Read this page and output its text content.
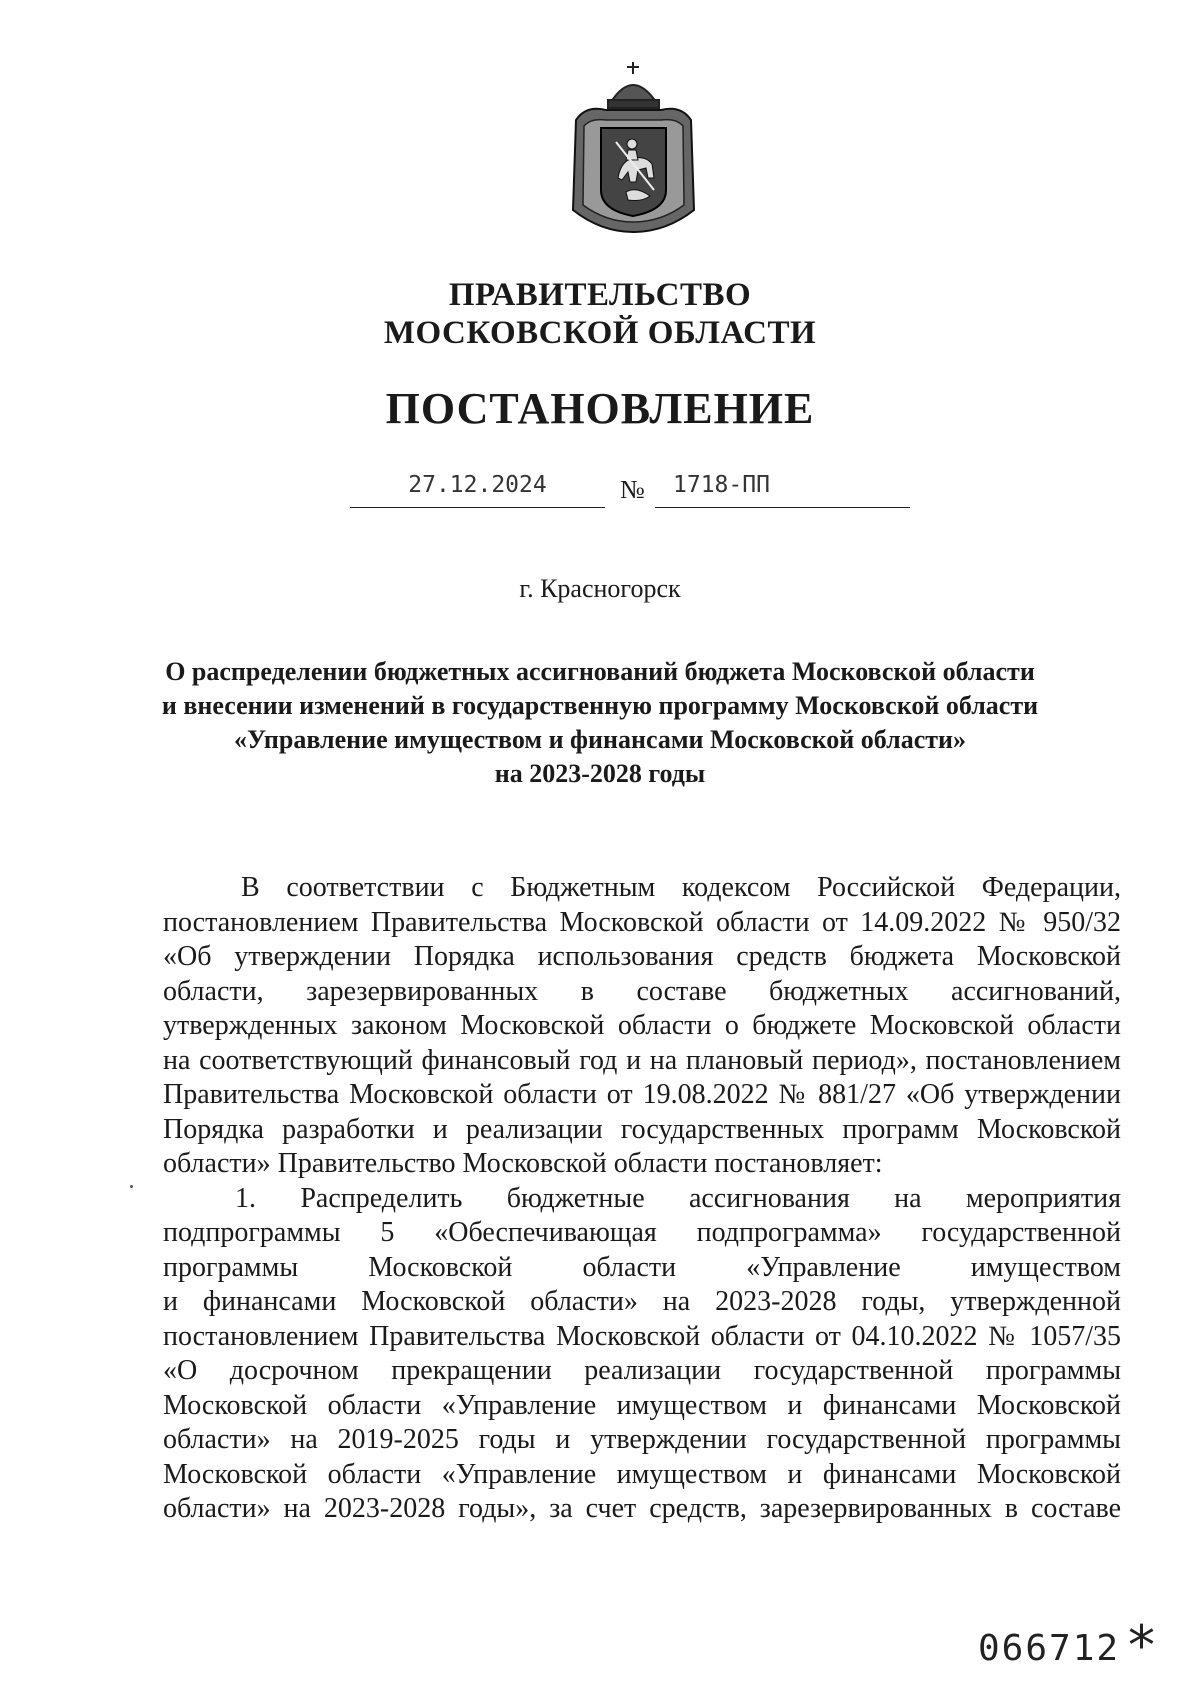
ПРАВИТЕЛЬСТВО
МОСКОВСКОЙ ОБЛАСТИ
ПОСТАНОВЛЕНИЕ
27.12.2024	№	1718-ПП
г. Красногорск
О распределении бюджетных ассигнований бюджета Московской области
и внесении изменений в государственную программу Московской области
«Управление имуществом и финансами Московской области»
на 2023-2028 годы
В соответствии с Бюджетным кодексом Российской Федерации,
постановлением Правительства Московской области от 14.09.2022 № 950/32
«Об утверждении Порядка использования средств бюджета Московской
области, зарезервированных в составе бюджетных ассигнований,
утвержденных законом Московской области о бюджете Московской области
на соответствующий финансовый год и на плановый период», постановлением
Правительства Московской области от 19.08.2022 № 881/27 «Об утверждении
Порядка разработки и реализации государственных программ Московской
области» Правительство Московской области постановляет:
1. Распределить бюджетные ассигнования на мероприятия
подпрограммы 5 «Обеспечивающая подпрограмма» государственной
программы Московской области «Управление имуществом
и финансами Московской области» на 2023-2028 годы, утвержденной
постановлением Правительства Московской области от 04.10.2022 № 1057/35
«О досрочном прекращении реализации государственной программы
Московской области «Управление имуществом и финансами Московской
области» на 2019-2025 годы и утверждении государственной программы
Московской области «Управление имуществом и финансами Московской
области» на 2023-2028 годы», за счет средств, зарезервированных в составе
066712 *
